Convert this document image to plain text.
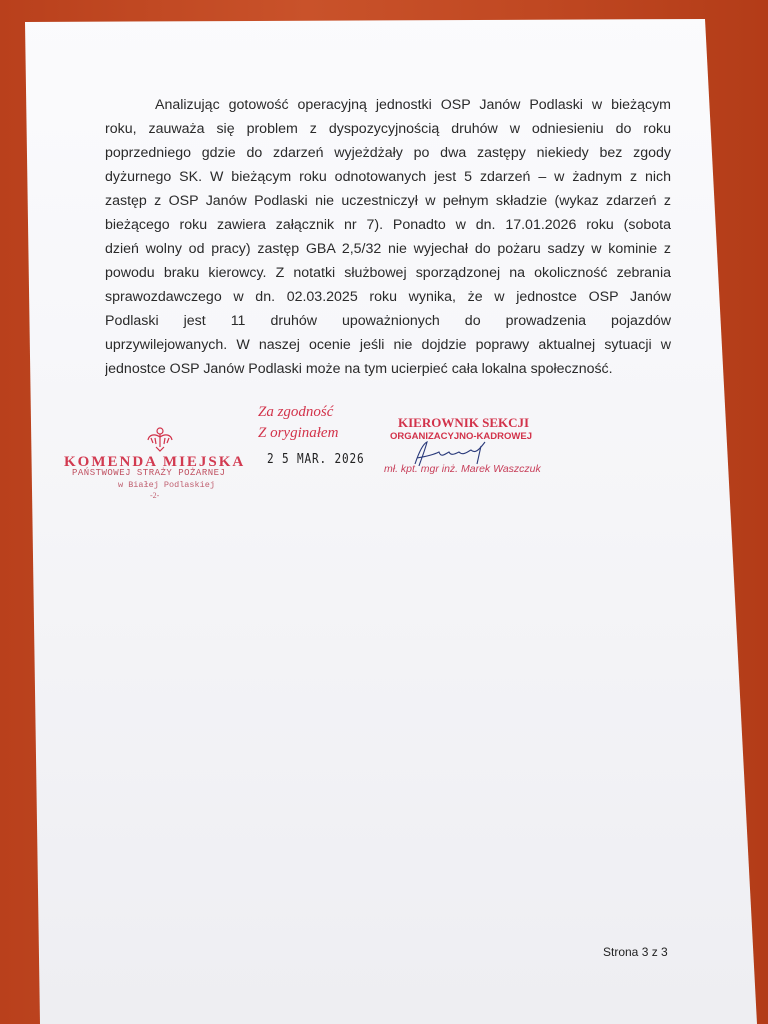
Analizując gotowość operacyjną jednostki OSP Janów Podlaski w bieżącym
roku, zauważa się problem z dyspozycyjnością druhów w odniesieniu do roku
poprzedniego gdzie do zdarzeń wyjeżdżały po dwa zastępy niekiedy bez zgody
dyżurnego SK. W bieżącym roku odnotowanych jest 5 zdarzeń – w żadnym z nich
zastęp z OSP Janów Podlaski nie uczestniczył w pełnym składzie (wykaz zdarzeń z
bieżącego roku zawiera załącznik nr 7). Ponadto w dn. 17.01.2026 roku (sobota
dzień wolny od pracy) zastęp GBA 2,5/32 nie wyjechał do pożaru sadzy w kominie z
powodu braku kierowcy. Z notatki służbowej sporządzonej na okoliczność zebrania
sprawozdawczego w dn. 02.03.2025 roku wynika, że w jednostce OSP Janów
Podlaski jest 11 druhów upoważnionych do prowadzenia pojazdów
uprzywilejowanych. W naszej ocenie jeśli nie dojdzie poprawy aktualnej sytuacji w
jednostce OSP Janów Podlaski może na tym ucierpieć cała lokalna społeczność.
KOMENDA MIEJSKA
PAŃSTWOWEJ STRAŻY POŻARNEJ
w Białej Podlaskiej
-2-
Za zgodność
Z oryginałem
2 5 MAR. 2026
KIEROWNIK SEKCJI
ORGANIZACYJNO-KADROWEJ
mł. kpt. mgr inż. Marek Waszczuk
Strona 3 z 3
